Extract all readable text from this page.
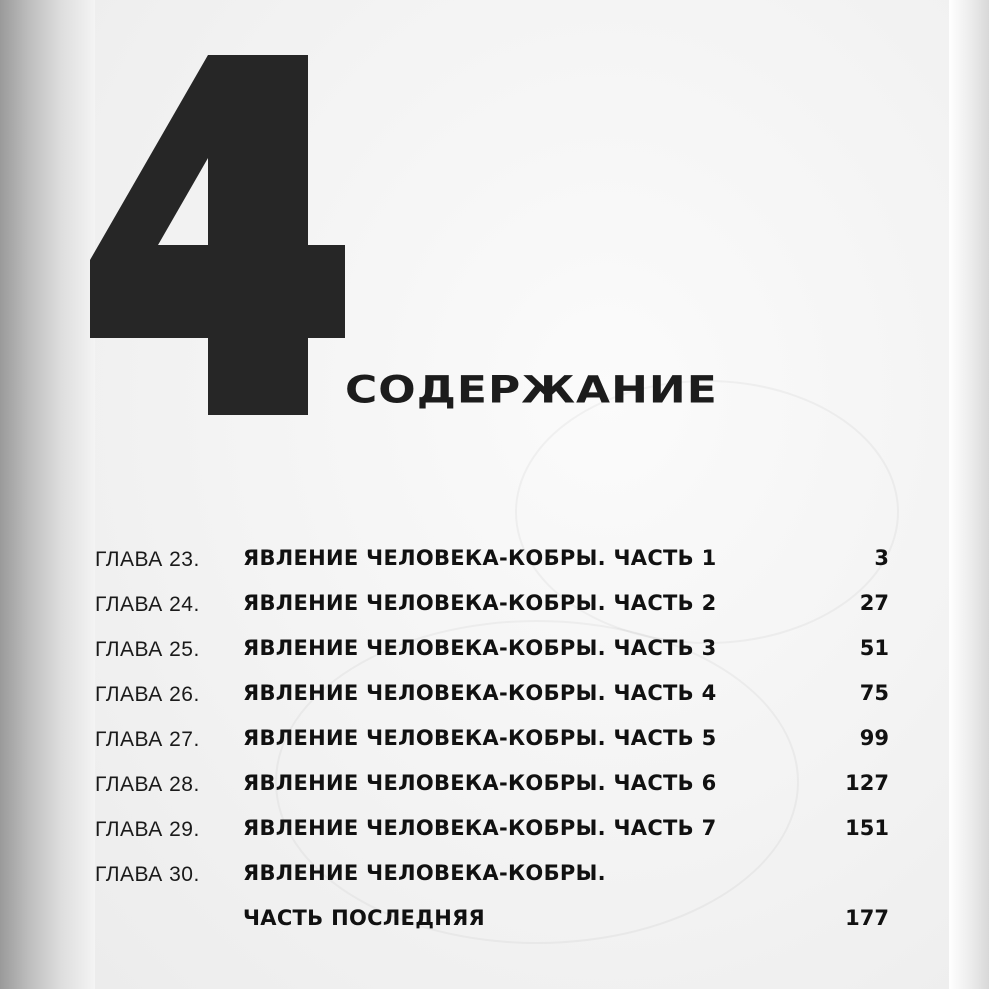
СОДЕРЖАНИЕ
ГЛАВА 23. ЯВЛЕНИЕ ЧЕЛОВЕКА-КОБРЫ. ЧАСТЬ 1	3
ГЛАВА 24. ЯВЛЕНИЕ ЧЕЛОВЕКА-КОБРЫ. ЧАСТЬ 2	27
ГЛАВА 25. ЯВЛЕНИЕ ЧЕЛОВЕКА-КОБРЫ. ЧАСТЬ 3	51
ГЛАВА 26. ЯВЛЕНИЕ ЧЕЛОВЕКА-КОБРЫ. ЧАСТЬ 4	75
ГЛАВА 27. ЯВЛЕНИЕ ЧЕЛОВЕКА-КОБРЫ. ЧАСТЬ 5	99
ГЛАВА 28. ЯВЛЕНИЕ ЧЕЛОВЕКА-КОБРЫ. ЧАСТЬ 6	127
ГЛАВА 29. ЯВЛЕНИЕ ЧЕЛОВЕКА-КОБРЫ. ЧАСТЬ 7	151
ГЛАВА 30. ЯВЛЕНИЕ ЧЕЛОВЕКА-КОБРЫ.
ЧАСТЬ ПОСЛЕДНЯЯ	177
